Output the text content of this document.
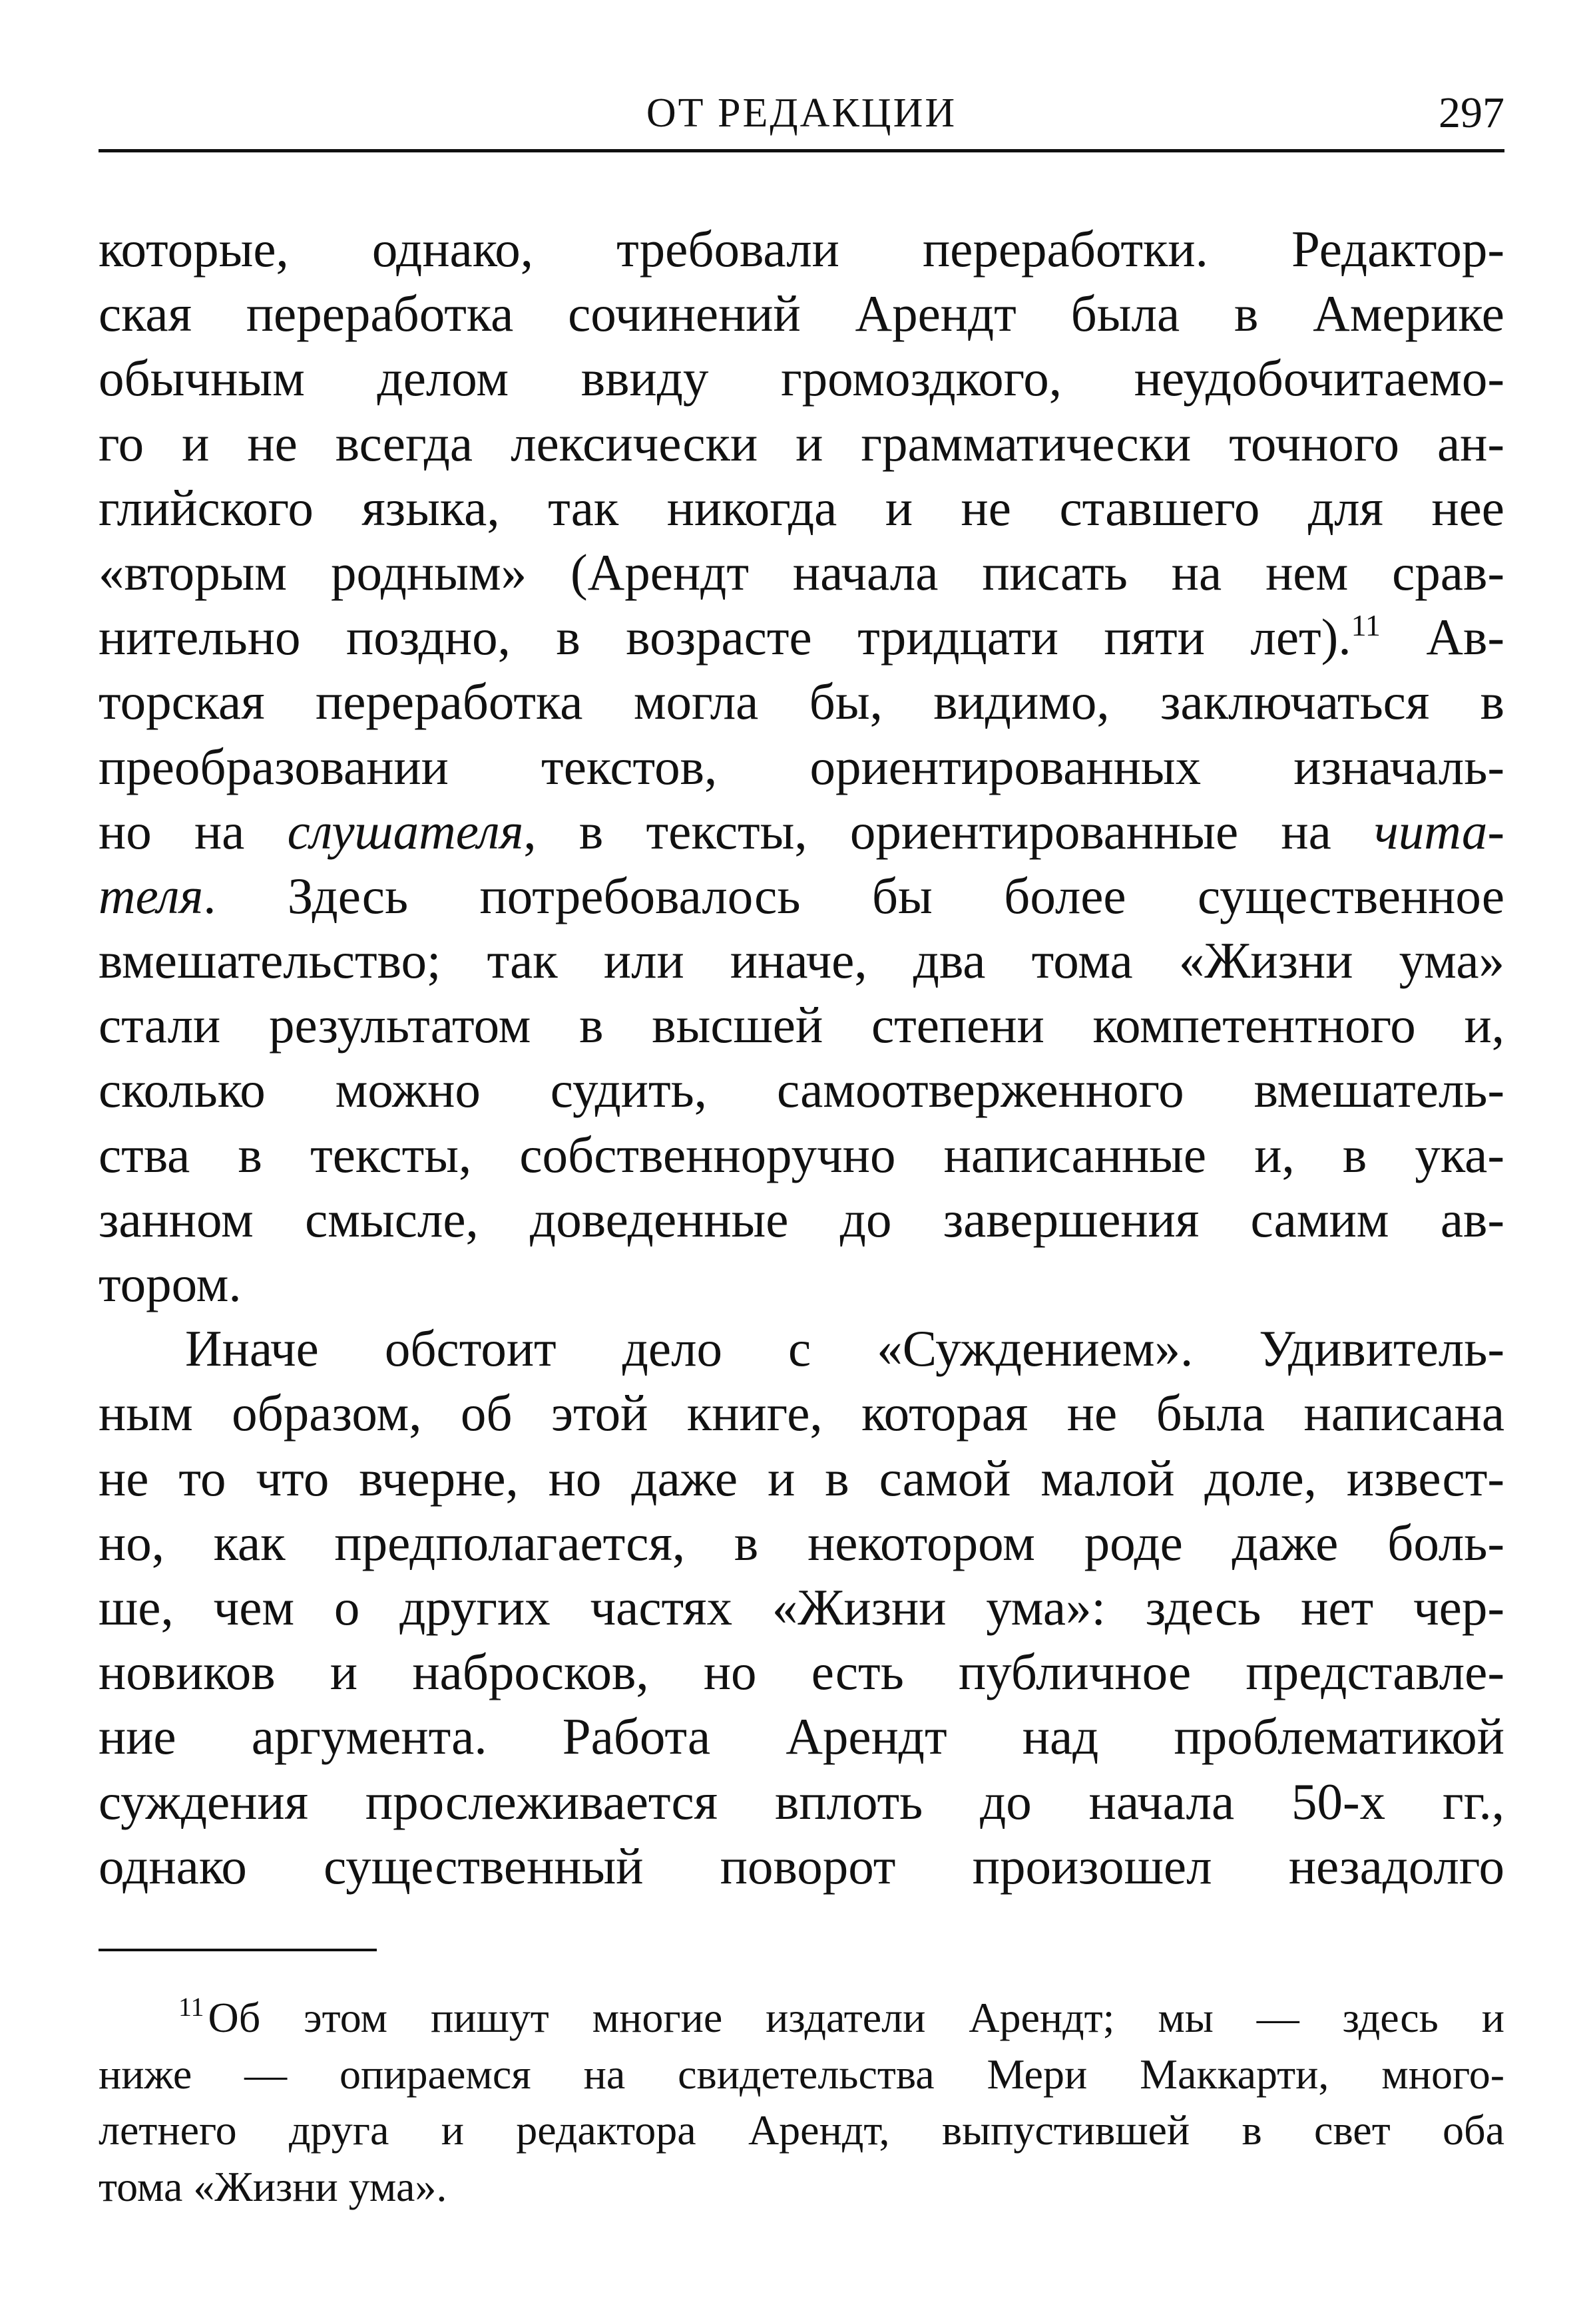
ОТ РЕДАКЦИИ	297
которые, однако, требовали переработки. Редактор-
ская переработка сочинений Арендт была в Америке
обычным делом ввиду громоздкого, неудобочитаемо-
го и не всегда лексически и грамматически точного ан-
глийского языка, так никогда и не ставшего для нее
«вторым родным» (Арендт начала писать на нем срав-
нительно поздно, в возрасте тридцати пяти лет).$^{11}$ Ав-
торская переработка могла бы, видимо, заключаться в
преобразовании текстов, ориентированных изначаль-
но на слушателя, в тексты, ориентированные на чита-
теля. Здесь потребовалось бы более существенное
вмешательство; так или иначе, два тома «Жизни ума»
стали результатом в высшей степени компетентного и,
сколько можно судить, самоотверженного вмешатель-
ства в тексты, собственноручно написанные и, в ука-
занном смысле, доведенные до завершения самим ав-
тором.
Иначе обстоит дело с «Суждением». Удивитель-
ным образом, об этой книге, которая не была написана
не то что вчерне, но даже и в самой малой доле, извест-
но, как предполагается, в некотором роде даже боль-
ше, чем о других частях «Жизни ума»: здесь нет чер-
новиков и набросков, но есть публичное представле-
ние аргумента. Работа Арендт над проблематикой
суждения прослеживается вплоть до начала 50-х гг.,
однако существенный поворот произошел незадолго
$^{11}$Об этом пишут многие издатели Арендт; мы — здесь и
ниже — опираемся на свидетельства Мери Маккарти, много-
летнего друга и редактора Арендт, выпустившей в свет оба
тома «Жизни ума».
